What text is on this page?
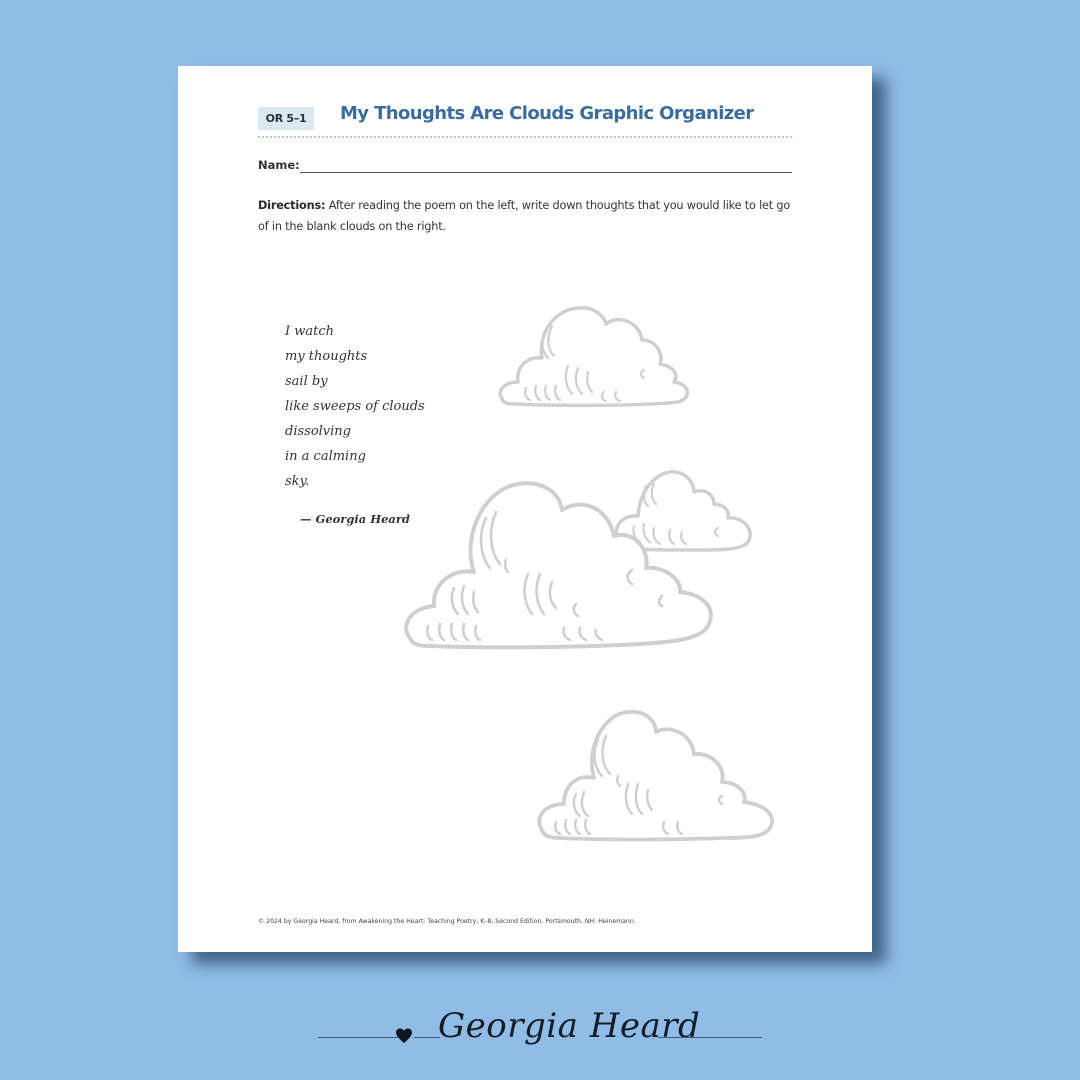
OR 5–1	My Thoughts Are Clouds Graphic Organizer
Name:
Directions: After reading the poem on the left, write down thoughts that you would like to let go of in the blank clouds on the right.
I watch
my thoughts
sail by
like sweeps of clouds
dissolving
in a calming
sky.
— Georgia Heard
© 2024 by Georgia Heard, from Awakening the Heart: Teaching Poetry, K–8, Second Edition. Portsmouth, NH: Heinemann.
Georgia Heard
